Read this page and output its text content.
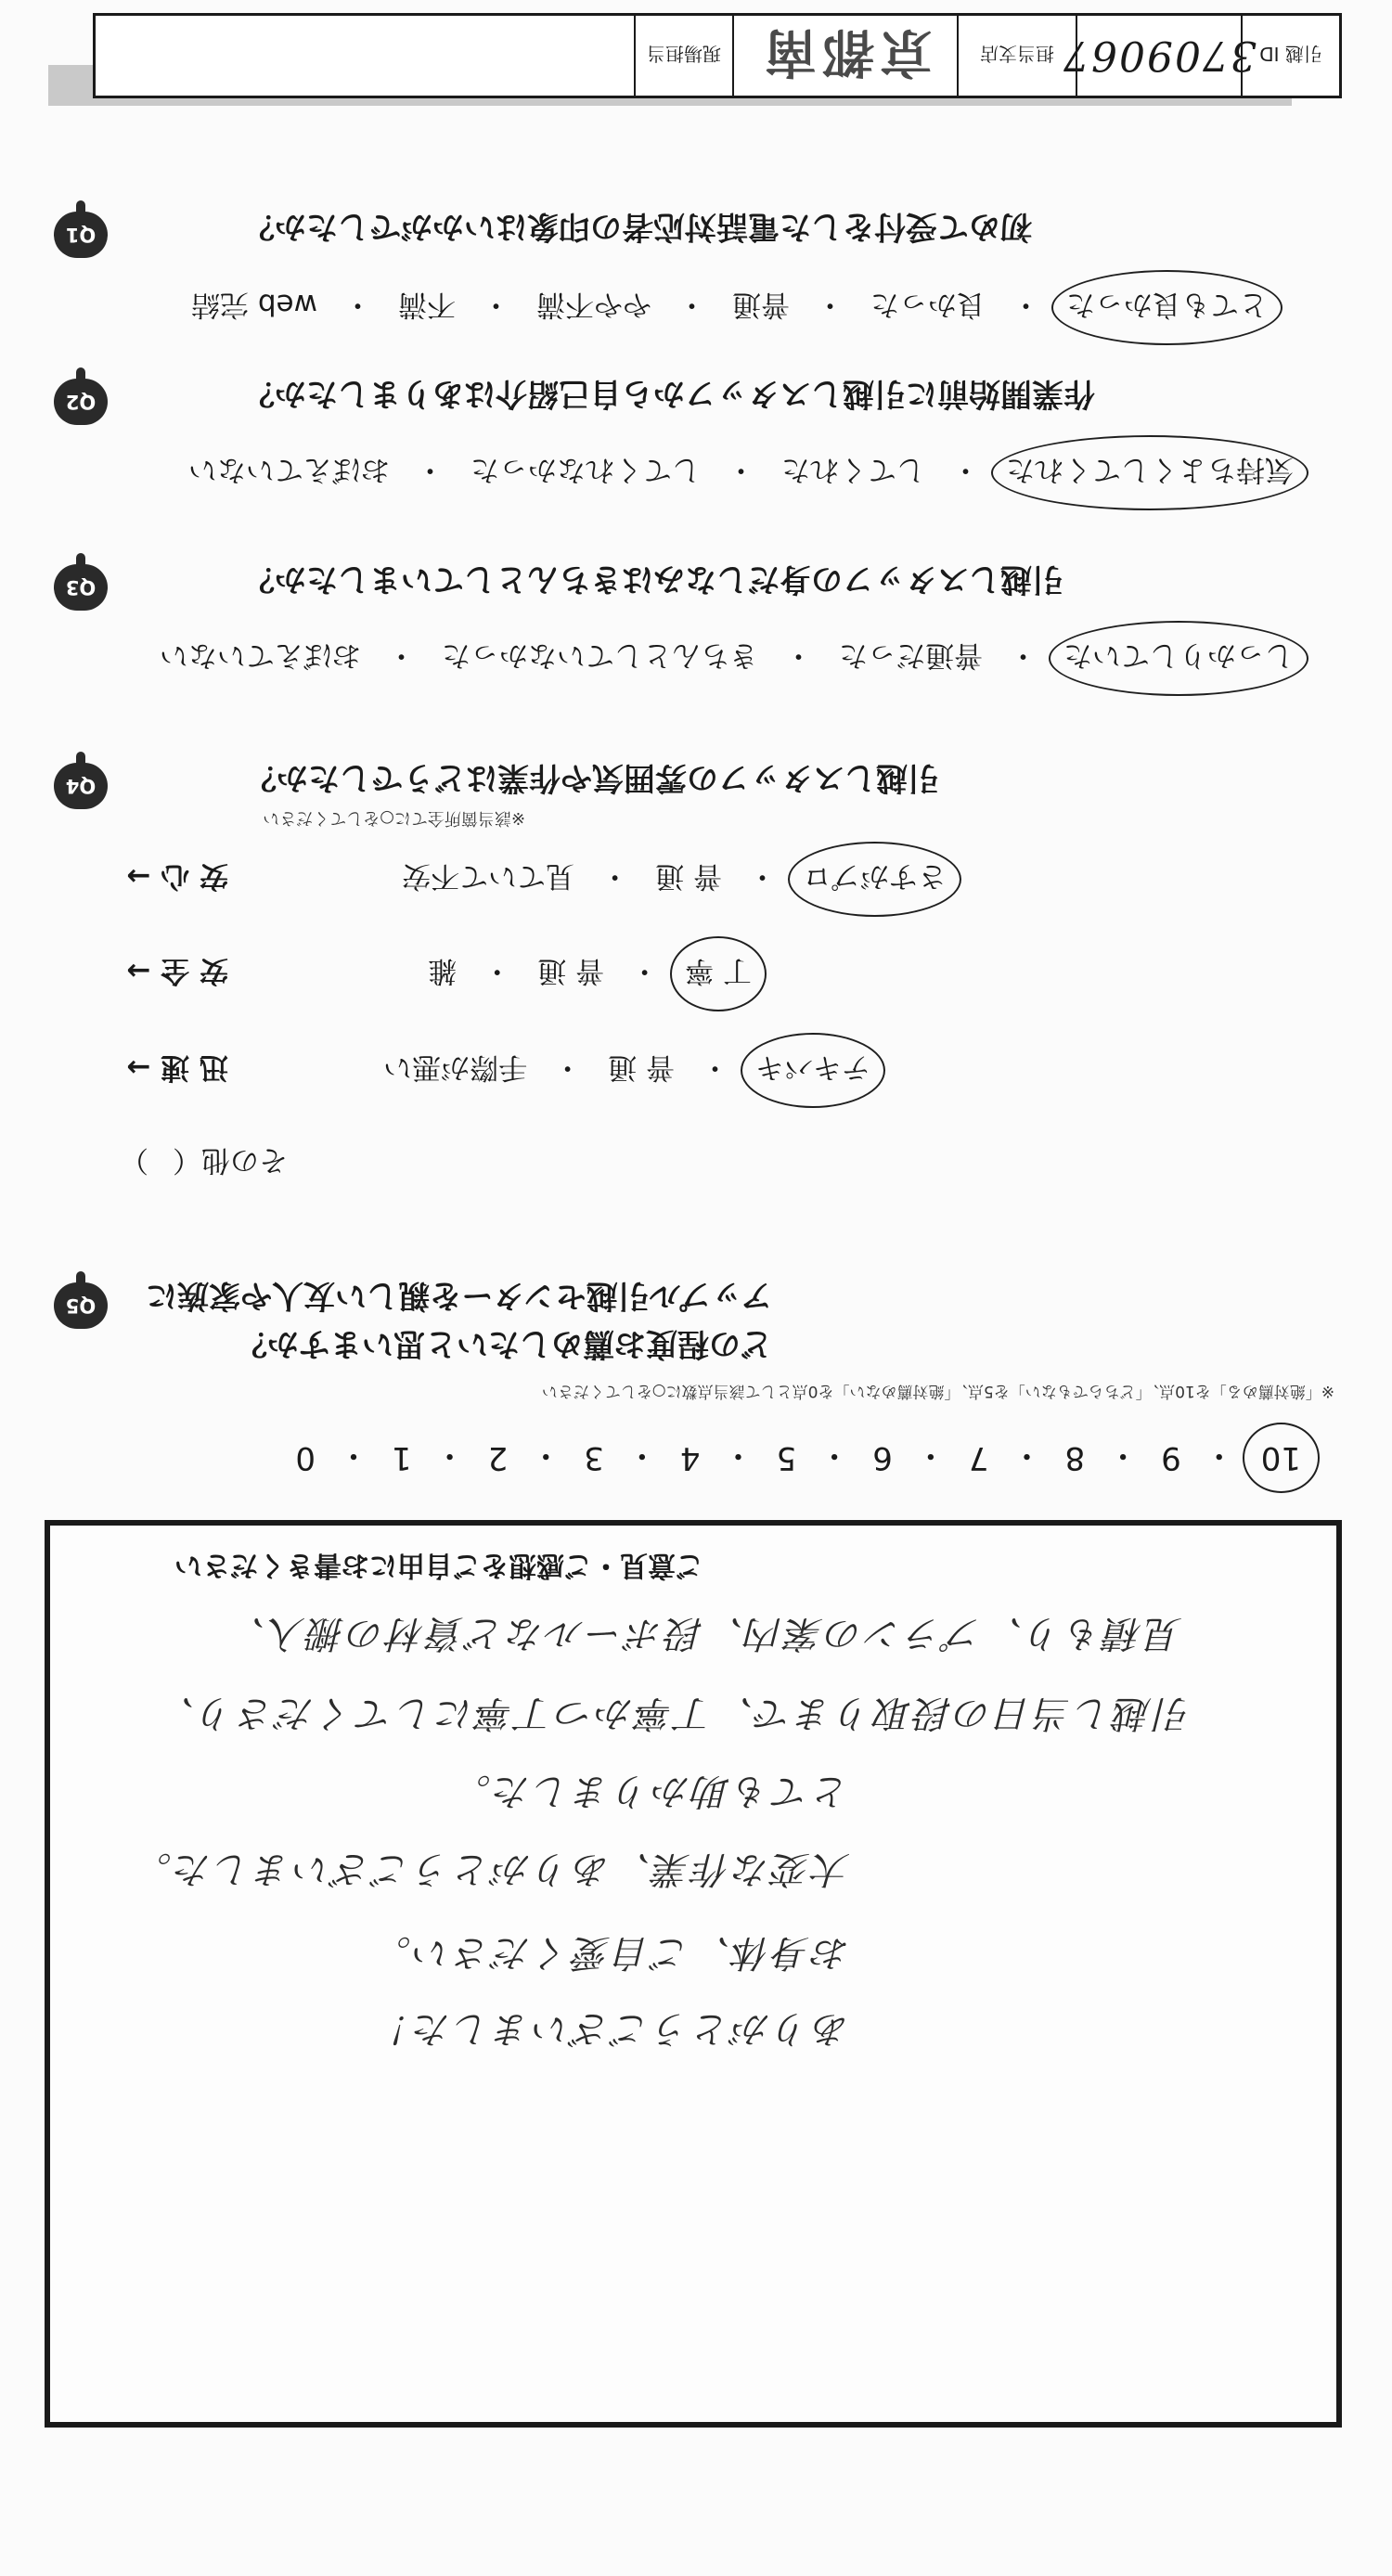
Q1	初めて受付をした電話対応者の印象はいかがでしたか？
とても良かった
・
良かった
・
普通
・
やや不満
・
不満
・
web 完結
Q2	作業開始前に引越しスタッフから自己紹介はありましたか？
気持ちよくしてくれた
・
してくれた
・
してくれなかった
・
おぼえていない
Q3	引越しスタッフの身だしなみはきちんとしていましたか？
しっかりしていた
・
普通だった
・
きちんとしていなかった
・
おぼえていない
Q4	引越しスタッフの雰囲気や作業はどうでしたか？
※該当箇所全てに○をしてください
安 心 →	さすがプロ
・
普 通
・
見ていて不安
安 全 →	丁 寧
・
普 通
・
雑
迅 速 →	テキパキ
・
普 通
・
手際が悪い
その他（
）
Q5	アップル引越センターを親しい友人や家族に
どの程度お薦めしたいと思いますか？
※「絶対薦める」を10点、「どちらでもない」を5点、「絶対薦めない」を0点として該当点数に○をしてください
10
・
9
・
8
・
7
・
6
・
5
・
4
・
3
・
2
・
1
・
0
ご意見・ご感想をご自由にお書きください
見積もり、プランの案内、段ボールなど資材の搬入、
引越し当日の段取りまで、丁寧かつ丁寧にしてくださり、
とても助かりました。
大変な作業、ありがとうございました。
お身体、ご自愛ください。
ありがとうございました！
引越 ID
3709067
担当支店
京都南
現場担当
